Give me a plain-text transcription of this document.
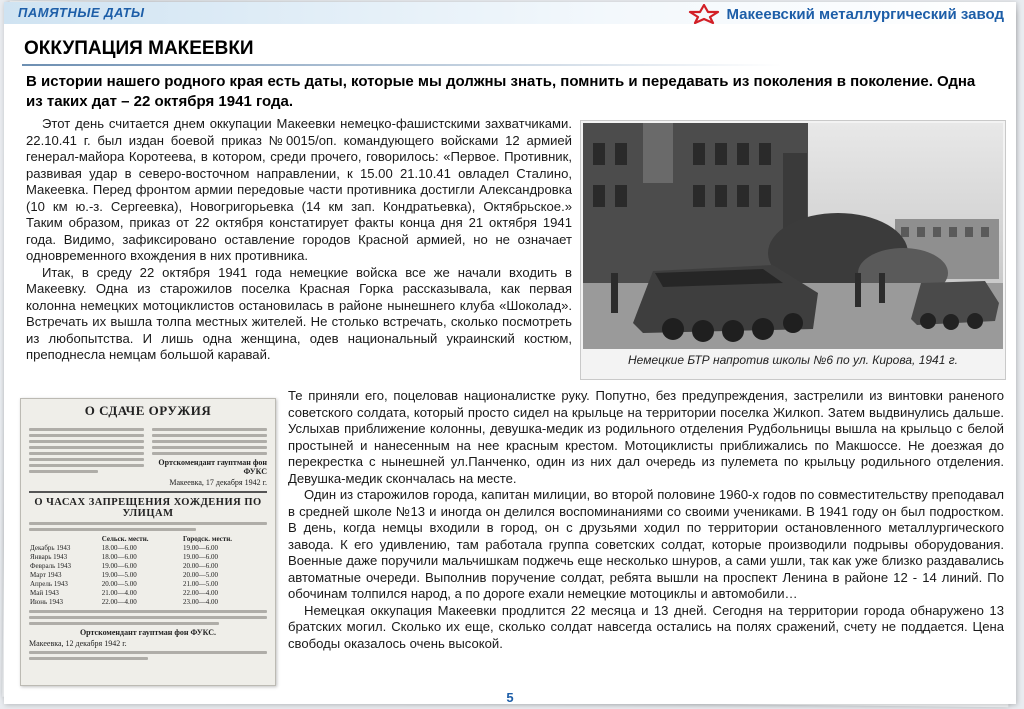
ПАМЯТНЫЕ ДАТЫ	Макеевский металлургический завод
ОККУПАЦИЯ МАКЕЕВКИ
В истории нашего родного края есть даты, которые мы должны знать, помнить и передавать из поколения в поколение. Одна из таких дат – 22 октября 1941 года.

Этот день считается днем оккупации Макеевки немецко-фашистскими захватчиками. 22.10.41 г. был издан боевой приказ №0015/оп. командующего войсками 12 армией генерал-майора Коротеева, в котором, среди прочего, говорилось: «Первое. Противник, развивая удар в северо-восточном направлении, к 15.00 21.10.41 овладел Сталино, Макеевка. Перед фронтом армии передовые части противника достигли Александровка (10 км ю.-з. Сергеевка), Новогригорьевка (14 км зап. Кондратьевка), Октябрьское.» Таким образом, приказ от 22 октября констатирует факты конца дня 21 октября 1941 года. Видимо, зафиксировано оставление городов Красной армией, но не означает одновременного вхождения в них противника.

Итак, в среду 22 октября 1941 года немецкие войска все же начали входить в Макеевку. Одна из старожилов поселка Красная Горка рассказывала, как первая колонна немецких мотоциклистов остановилась в районе нынешнего клуба «Шоколад». Встречать их вышла толпа местных жителей. Не столько встречать, сколько посмотреть из любопытства. И лишь одна женщина, одев национальный украинский костюм, преподнесла немцам большой каравай.	Немецкие БТР напротив школы №6 по ул. Кирова, 1941 г.
О СДАЧЕ ОРУЖИЯ
Ортскомендант гауптман фон ФУКС
Макеевка, 17 декабря 1942 г.
О ЧАСАХ ЗАПРЕЩЕНИЯ ХОЖДЕНИЯ ПО УЛИЦАМ
	Сельск. местн.	Городск. местн.
Декабрь 1943	18.00—6.00	19.00—6.00
Январь 1943	18.00—6.00	19.00—6.00
Февраль 1943	19.00—6.00	20.00—6.00
Март 1943	19.00—5.00	20.00—5.00
Апрель 1943	20.00—5.00	21.00—5.00
Май 1943	21.00—4.00	22.00—4.00
Июнь 1943	22.00—4.00	23.00—4.00
Ортскомендант гауптман фон ФУКС.
Макеевка, 12 декабря 1942 г.

Те приняли его, поцеловав националистке руку. Попутно, без предупреждения, застрелили из винтовки раненого советского солдата, который просто сидел на крыльце на территории поселка Жилкоп. Затем выдвинулись дальше. Услыхав приближение колонны, девушка-медик из родильного отделения Рудбольницы вышла на крыльцо с белой простыней и нанесенным на нее красным крестом. Мотоциклисты приближались по Макшоссе. Не доезжая до перекрестка с нынешней ул.Панченко, один из них дал очередь из пулемета по крыльцу родильного отделения. Девушка-медик скончалась на месте.

Один из старожилов города, капитан милиции, во второй половине 1960-х годов по совместительству преподавал в средней школе №13 и иногда он делился воспоминаниями со своими учениками. В 1941 году он был подростком. В день, когда немцы входили в город, он с друзьями ходил по территории остановленного металлургического завода. К его удивлению, там работала группа советских солдат, которые производили подрывы оборудования. Военные даже поручили мальчишкам поджечь еще несколько шнуров, а сами ушли, так как уже близко раздавались автоматные очереди. Выполнив поручение солдат, ребята вышли на проспект Ленина в районе 12 - 14 линий. По обочинам толпился народ, а по дороге ехали немецкие мотоциклы и автомобили…

Немецкая оккупация Макеевки продлится 22 месяца и 13 дней. Сегодня на территории города обнаружено 13 братских могил. Сколько их еще, сколько солдат навсегда остались на полях сражений, счету не поддается. Цена свободы оказалось очень высокой.

5
